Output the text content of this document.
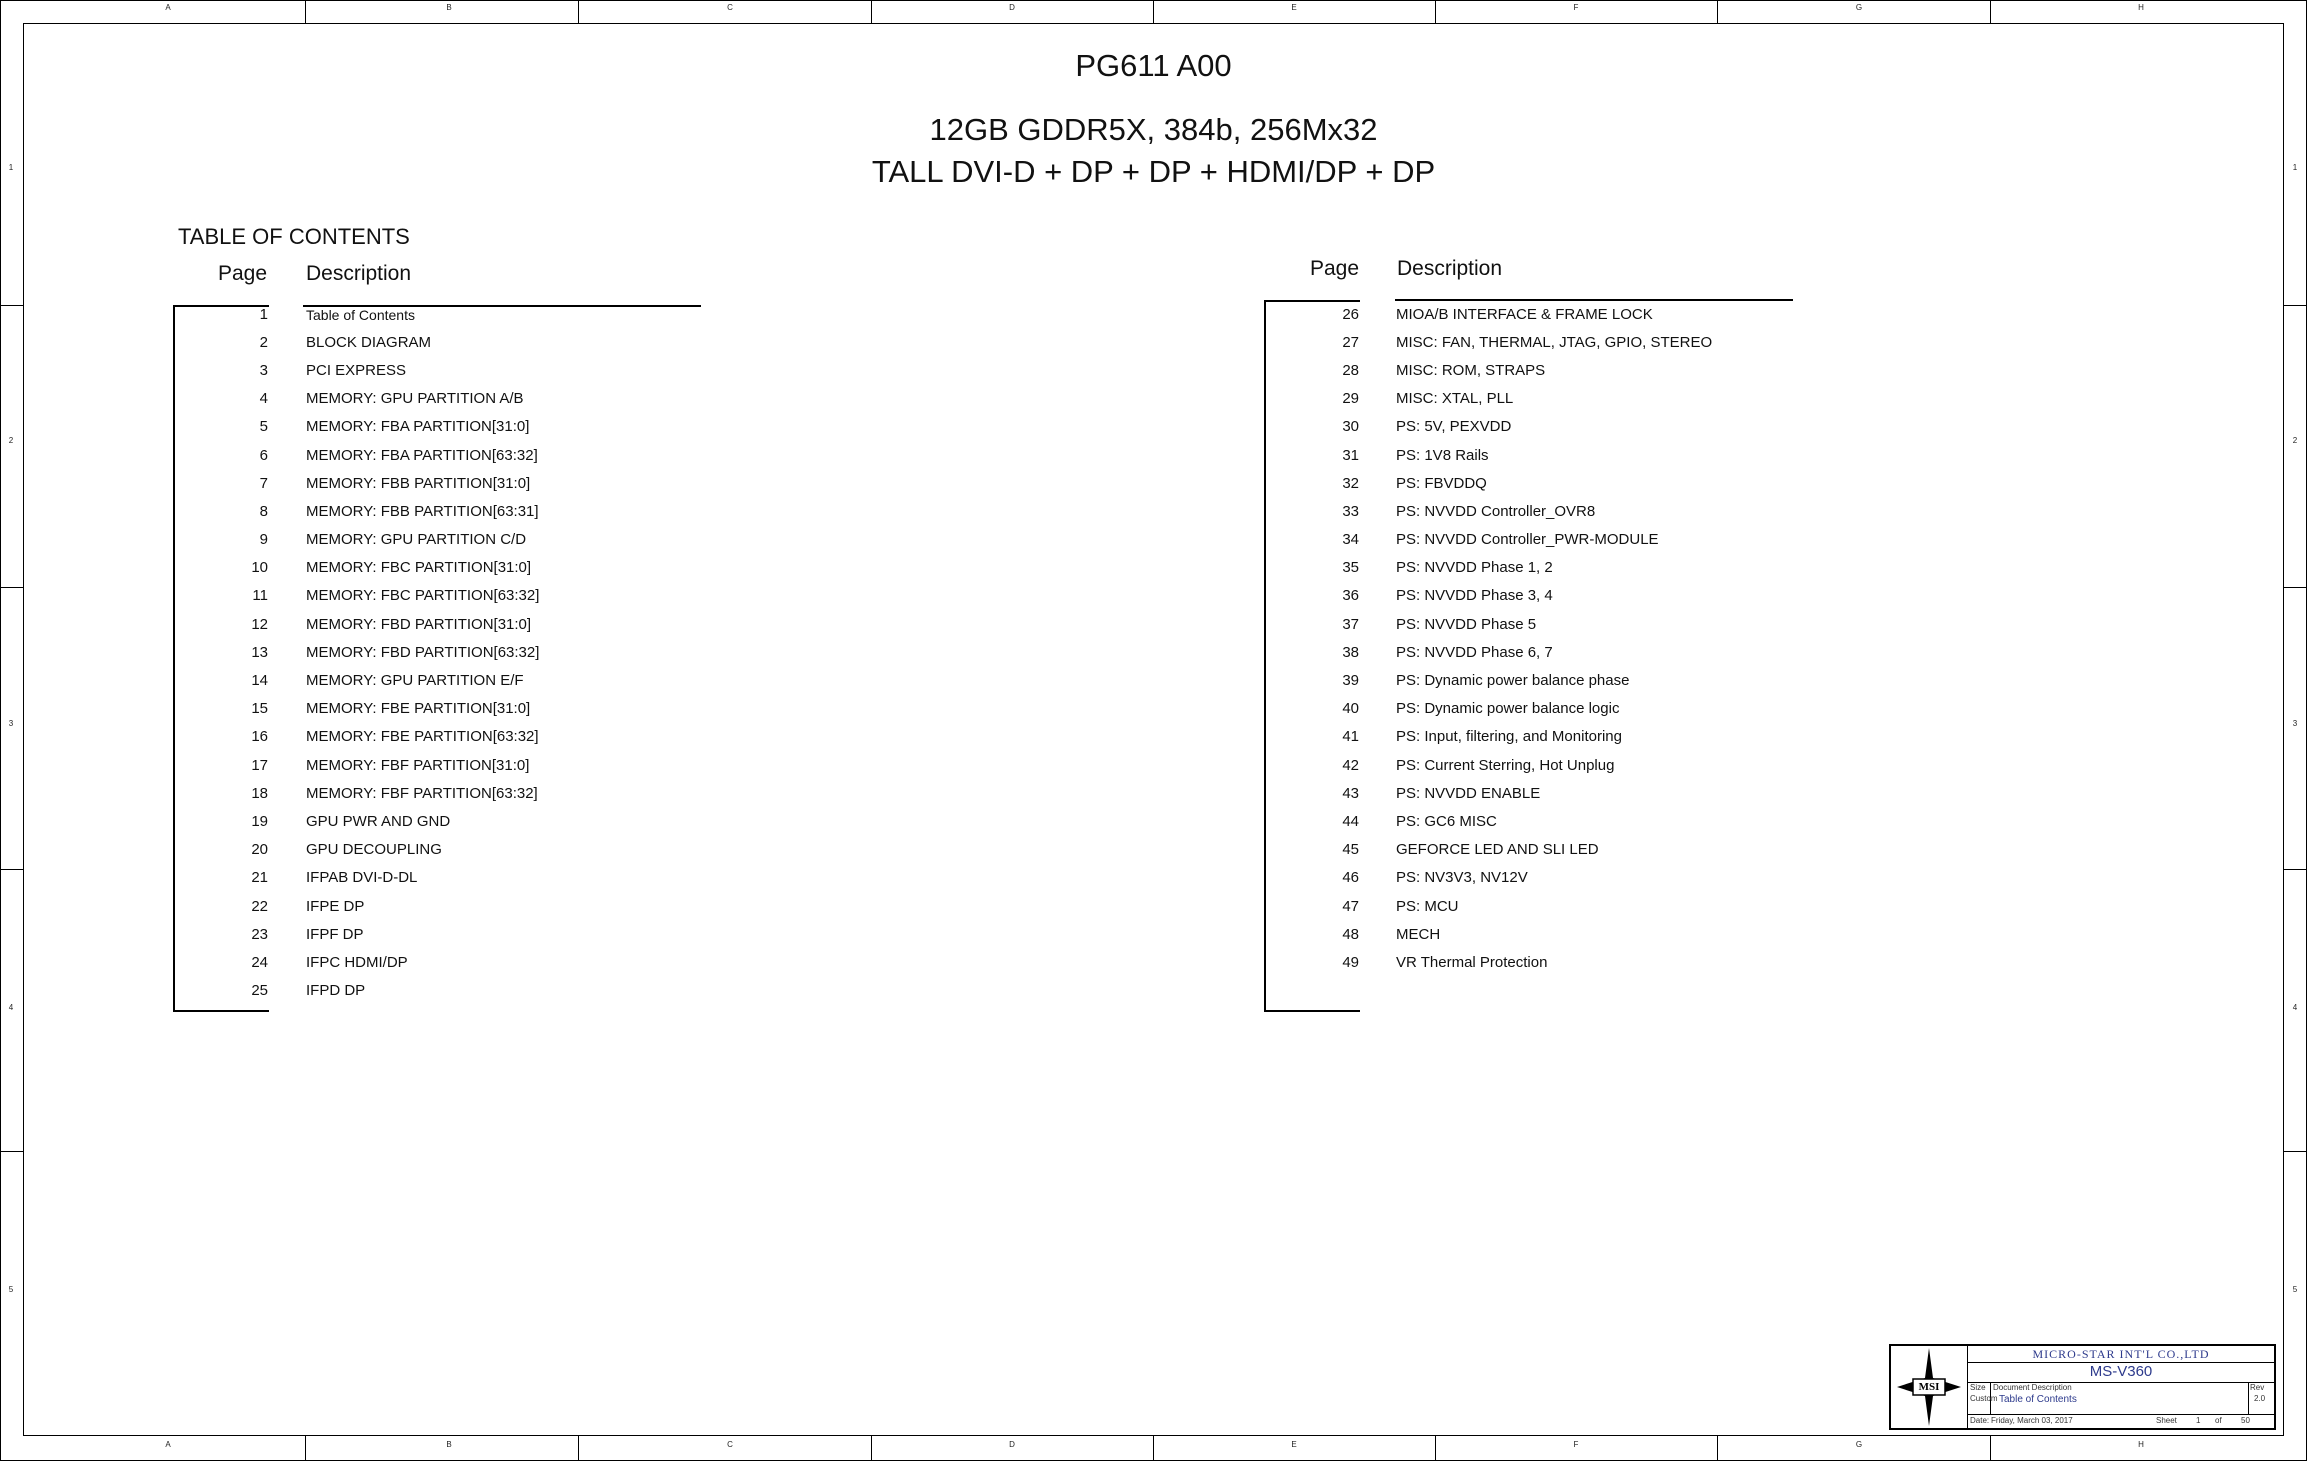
A	B	C	D	E	F	G	H
A	B	C	D	E	F	G	H
1
2
3
4
5
1
2
3
4
5
PG611 A00
12GB GDDR5X, 384b, 256Mx32
TALL DVI-D + DP + DP + HDMI/DP + DP
TABLE OF CONTENTS
Page Description	Page Description
1	Table of Contents
2	BLOCK DIAGRAM
3	PCI EXPRESS
4	MEMORY: GPU PARTITION A/B
5	MEMORY: FBA PARTITION[31:0]
6	MEMORY: FBA PARTITION[63:32]
7	MEMORY: FBB PARTITION[31:0]
8	MEMORY: FBB PARTITION[63:31]
9	MEMORY: GPU PARTITION C/D
10	MEMORY: FBC PARTITION[31:0]
11	MEMORY: FBC PARTITION[63:32]
12	MEMORY: FBD PARTITION[31:0]
13	MEMORY: FBD PARTITION[63:32]
14	MEMORY: GPU PARTITION E/F
15	MEMORY: FBE PARTITION[31:0]
16	MEMORY: FBE PARTITION[63:32]
17	MEMORY: FBF PARTITION[31:0]
18	MEMORY: FBF PARTITION[63:32]
19	GPU PWR AND GND
20	GPU DECOUPLING
21	IFPAB DVI-D-DL
22	IFPE DP
23	IFPF DP
24	IFPC HDMI/DP
25	IFPD DP
26 MIOA/B INTERFACE & FRAME LOCK
27 MISC: FAN, THERMAL, JTAG, GPIO, STEREO
28 MISC: ROM, STRAPS
29 MISC: XTAL, PLL
30 PS: 5V, PEXVDD
31 PS: 1V8 Rails
32 PS: FBVDDQ
33 PS: NVVDD Controller_OVR8
34 PS: NVVDD Controller_PWR-MODULE
35 PS: NVVDD Phase 1, 2
36 PS: NVVDD Phase 3, 4
37 PS: NVVDD Phase 5
38 PS: NVVDD Phase 6, 7
39 PS: Dynamic power balance phase
40 PS: Dynamic power balance logic
41 PS: Input, filtering, and Monitoring
42 PS: Current Sterring, Hot Unplug
43 PS: NVVDD ENABLE
44 PS: GC6 MISC
45 GEFORCE LED AND SLI LED
46 PS: NV3V3, NV12V
47 PS: MCU
48 MECH
49 VR Thermal Protection
MSI
MICRO-STAR INT'L CO.,LTD
MS-V360
Size
Custom
Document Description
Table of Contents
Rev
2.0
Date: Friday, March 03, 2017	Sheet 1 of 50
